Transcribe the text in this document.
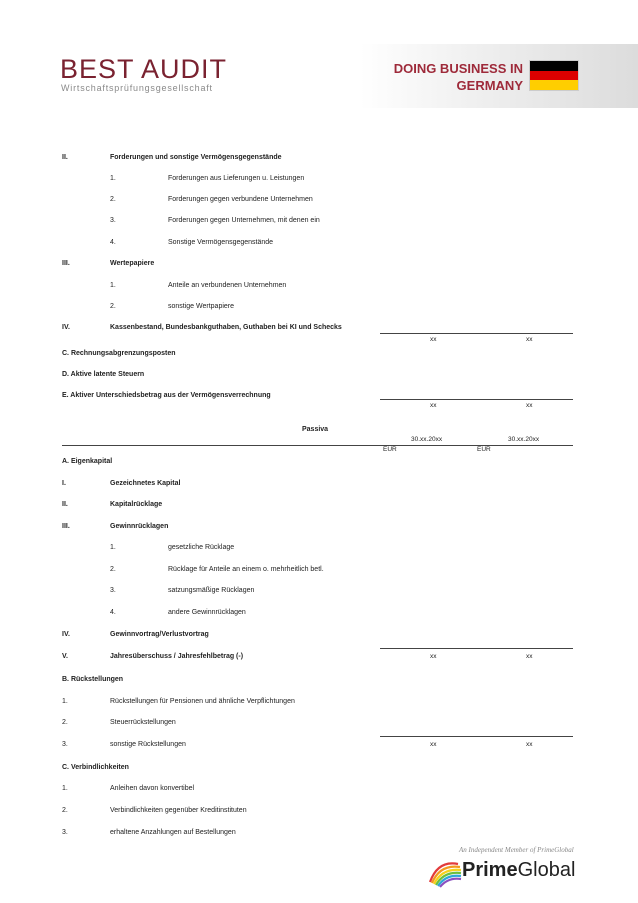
BEST AUDIT
Wirtschaftsprüfungsgesellschaft
DOING BUSINESS IN
GERMANY
II.	Forderungen und sonstige Vermögensgegenstände
1.	Forderungen aus Lieferungen u. Leistungen
2.	Forderungen gegen verbundene Unternehmen
3.	Forderungen gegen Unternehmen, mit denen ein
4.	Sonstige Vermögensgegenstände
III.	Wertepapiere
1.	Anteile an verbundenen Unternehmen
2.	sonstige Wertpapiere
IV.	Kassenbestand, Bundesbankguthaben, Guthaben bei KI und Schecks
xx	xx
C. Rechnungsabgrenzungsposten
D. Aktive latente Steuern
E. Aktiver Unterschiedsbetrag aus der Vermögensverrechnung
xx	xx
Passiva
30.xx.20xx	30.xx.20xx
EUR	EUR
A. Eigenkapital
I.	Gezeichnetes Kapital
II.	Kapitalrücklage
III.	Gewinnrücklagen
1.	gesetzliche Rücklage
2.	Rücklage für Anteile an einem o. mehrheitlich betl.
3.	satzungsmäßige Rücklagen
4.	andere Gewinnrücklagen
IV.	Gewinnvortrag/Verlustvortrag
V.	Jahresüberschuss / Jahresfehlbetrag (-)	xx	xx
B. Rückstellungen
1.	Rückstellungen für Pensionen und ähnliche Verpflichtungen
2.	Steuerrückstellungen
3.	sonstige Rückstellungen	xx	xx
C. Verbindlichkeiten
1.	Anleihen davon konvertibel
2.	Verbindlichkeiten gegenüber Kreditinstituten
3.	erhaltene Anzahlungen auf Bestellungen
An Independent Member of PrimeGlobal
PrimeGlobal
